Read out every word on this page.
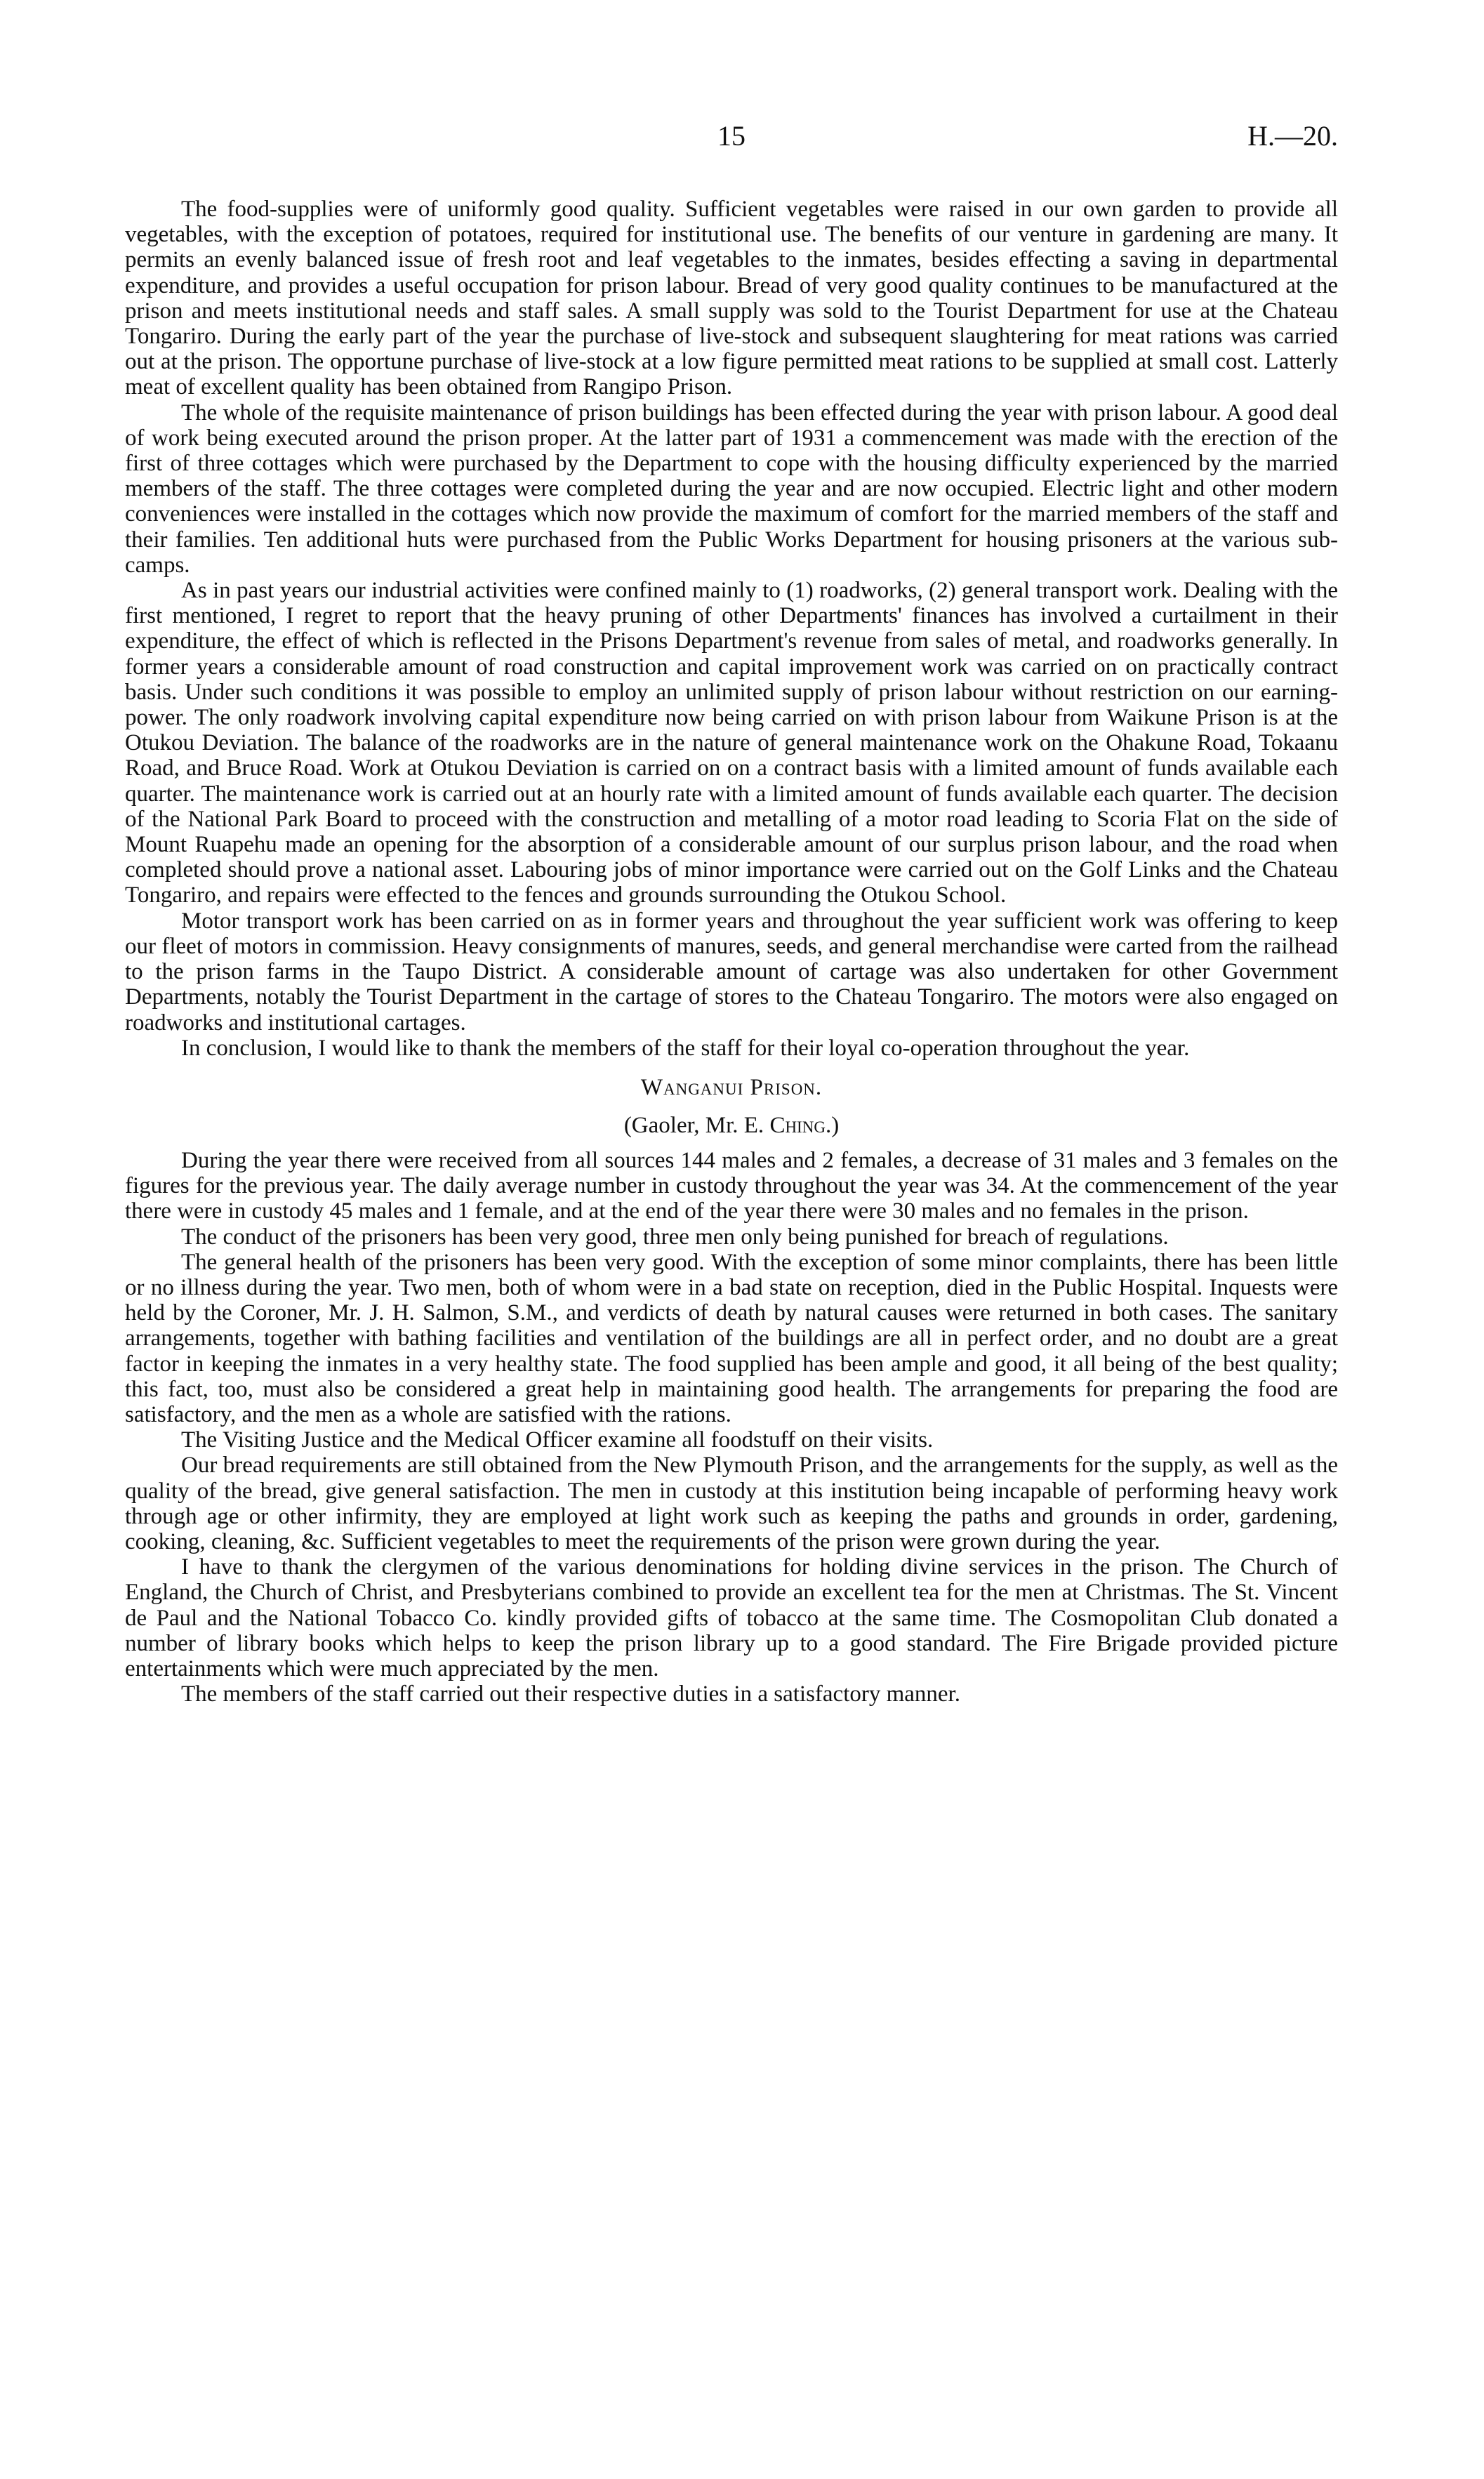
15	H.—20.

The food-supplies were of uniformly good quality. Sufficient vegetables were raised in our own garden to provide all vegetables, with the exception of potatoes, required for institutional use. The benefits of our venture in gardening are many. It permits an evenly balanced issue of fresh root and leaf vegetables to the inmates, besides effecting a saving in departmental expenditure, and provides a useful occupation for prison labour. Bread of very good quality continues to be manufactured at the prison and meets institutional needs and staff sales. A small supply was sold to the Tourist Department for use at the Chateau Tongariro. During the early part of the year the purchase of live-stock and subsequent slaughtering for meat rations was carried out at the prison. The opportune purchase of live-stock at a low figure permitted meat rations to be supplied at small cost. Latterly meat of excellent quality has been obtained from Rangipo Prison.

The whole of the requisite maintenance of prison buildings has been effected during the year with prison labour. A good deal of work being executed around the prison proper. At the latter part of 1931 a commencement was made with the erection of the first of three cottages which were purchased by the Department to cope with the housing difficulty experienced by the married members of the staff. The three cottages were completed during the year and are now occupied. Electric light and other modern conveniences were installed in the cottages which now provide the maximum of comfort for the married members of the staff and their families. Ten additional huts were purchased from the Public Works Department for housing prisoners at the various sub-camps.

As in past years our industrial activities were confined mainly to (1) roadworks, (2) general transport work. Dealing with the first mentioned, I regret to report that the heavy pruning of other Departments' finances has involved a curtailment in their expenditure, the effect of which is reflected in the Prisons Department's revenue from sales of metal, and roadworks generally. In former years a considerable amount of road construction and capital improvement work was carried on on practically contract basis. Under such conditions it was possible to employ an unlimited supply of prison labour without restriction on our earning-power. The only roadwork involving capital expenditure now being carried on with prison labour from Waikune Prison is at the Otukou Deviation. The balance of the roadworks are in the nature of general maintenance work on the Ohakune Road, Tokaanu Road, and Bruce Road. Work at Otukou Deviation is carried on on a contract basis with a limited amount of funds available each quarter. The maintenance work is carried out at an hourly rate with a limited amount of funds available each quarter. The decision of the National Park Board to proceed with the construction and metalling of a motor road leading to Scoria Flat on the side of Mount Ruapehu made an opening for the absorption of a considerable amount of our surplus prison labour, and the road when completed should prove a national asset. Labouring jobs of minor importance were carried out on the Golf Links and the Chateau Tongariro, and repairs were effected to the fences and grounds surrounding the Otukou School.

Motor transport work has been carried on as in former years and throughout the year sufficient work was offering to keep our fleet of motors in commission. Heavy consignments of manures, seeds, and general merchandise were carted from the railhead to the prison farms in the Taupo District. A considerable amount of cartage was also undertaken for other Government Departments, notably the Tourist Department in the cartage of stores to the Chateau Tongariro. The motors were also engaged on roadworks and institutional cartages.

In conclusion, I would like to thank the members of the staff for their loyal co-operation throughout the year.

Wanganui Prison.
(Gaoler, Mr. E. Ching.)

During the year there were received from all sources 144 males and 2 females, a decrease of 31 males and 3 females on the figures for the previous year. The daily average number in custody throughout the year was 34. At the commencement of the year there were in custody 45 males and 1 female, and at the end of the year there were 30 males and no females in the prison.

The conduct of the prisoners has been very good, three men only being punished for breach of regulations.

The general health of the prisoners has been very good. With the exception of some minor complaints, there has been little or no illness during the year. Two men, both of whom were in a bad state on reception, died in the Public Hospital. Inquests were held by the Coroner, Mr. J. H. Salmon, S.M., and verdicts of death by natural causes were returned in both cases. The sanitary arrangements, together with bathing facilities and ventilation of the buildings are all in perfect order, and no doubt are a great factor in keeping the inmates in a very healthy state. The food supplied has been ample and good, it all being of the best quality; this fact, too, must also be considered a great help in maintaining good health. The arrangements for preparing the food are satisfactory, and the men as a whole are satisfied with the rations.

The Visiting Justice and the Medical Officer examine all foodstuff on their visits.

Our bread requirements are still obtained from the New Plymouth Prison, and the arrangements for the supply, as well as the quality of the bread, give general satisfaction. The men in custody at this institution being incapable of performing heavy work through age or other infirmity, they are employed at light work such as keeping the paths and grounds in order, gardening, cooking, cleaning, &c. Sufficient vegetables to meet the requirements of the prison were grown during the year.

I have to thank the clergymen of the various denominations for holding divine services in the prison. The Church of England, the Church of Christ, and Presbyterians combined to provide an excellent tea for the men at Christmas. The St. Vincent de Paul and the National Tobacco Co. kindly provided gifts of tobacco at the same time. The Cosmopolitan Club donated a number of library books which helps to keep the prison library up to a good standard. The Fire Brigade provided picture entertainments which were much appreciated by the men.

The members of the staff carried out their respective duties in a satisfactory manner.
